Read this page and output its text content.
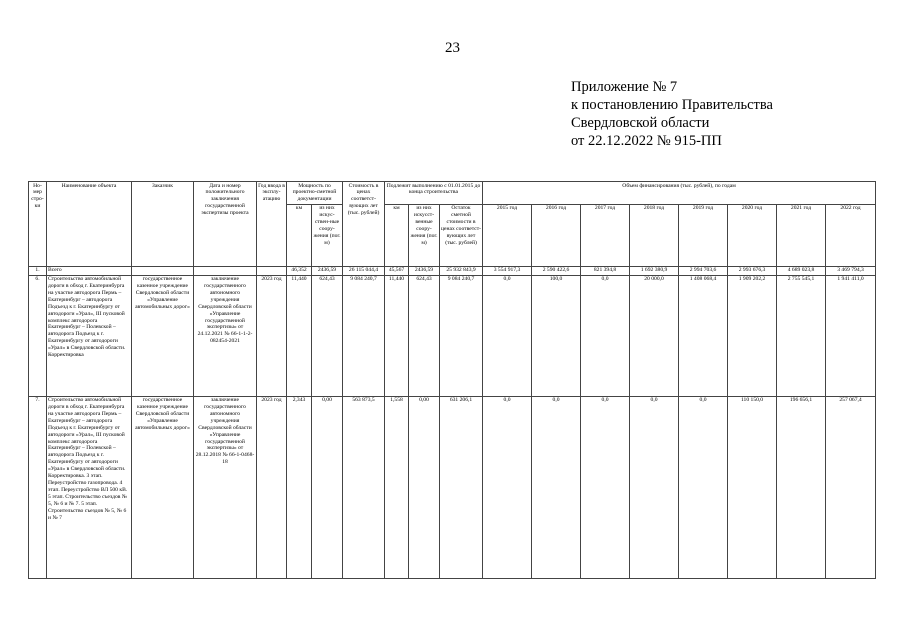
23
Приложение № 7
к постановлению Правительства
Свердловской области
от 22.12.2022 № 915-ПП
Но-мер стро-ки	Наименование объекта	Заказчик	Дата и номер положительного заключения государственной экспертизы проекта	Год ввода в эксплу-атацию	Мощность по проектно-сметной документации		Стоимость в ценах соответст-вующих лет (тыс. рублей)	Подлежит выполнению с 01.01.2015 до конца строительства			Объем финансирования (тыс. рублей), по годам							
					км	из них искус-ствен-ные соору-жения (пог. м)		км	из них искусст-венные соору-жения (пог. м)	Остаток сметной стоимости в ценах соответст-вующих лет (тыс. рублей)	2015 год	2016 год	2017 год	2018 год	2019 год	2020 год	2021 год	2022 год
1.	Всего				46,352	2436,59	26 115 044,4	45,567	2436,59	25 932 843,9	3 554 917,3	2 590 422,6	821 394,8	1 692 380,9	2 994 703,6	2 993 676,3	4 689 023,8	3 469 794,3
6.	Строительство автомобильной дороги в обход г. Екатеринбурга на участке автодорога Пермь – Екатеринбург – автодорога Подъезд к г. Екатеринбургу от автодороги «Урал», III пусковой комплекс автодорога Екатеринбург – Полевской – автодорога Подъезд к г. Екатеринбургу от автодороги «Урал» в Свердловской области. Корректировка	государственное казенное учреждение Свердловской области «Управление автомобильных дорог»	заключение государственного автономного учреждения Свердловской области «Управление государственной экспертизы» от 24.12.2021 № 66-1-1-2-082454-2021	2023 год	11,440	624,43	9 084 240,7	11,440	624,43	9 084 240,7	0,0	100,0	0,0	20 000,0	1 408 068,4	1 909 202,2	2 755 545,1	1 941 411,0
7.	Строительство автомобильной дороги в обход г. Екатеринбурга на участке автодорога Пермь – Екатеринбург – автодорога Подъезд к г. Екатеринбургу от автодороги «Урал», III пусковой комплекс автодорога Екатеринбург – Полевской – автодорога Подъезд к г. Екатеринбургу от автодороги «Урал» в Свердловской области. Корректировка. 3 этап. Переустройство газопровода. 4 этап. Переустройство ВЛ 500 кВ. 5 этап. Строительство съездов № 5, № 6 и № 7. 5 этап. Строительство съездов № 5, № 6 и № 7	государственное казенное учреждение Свердловской области «Управление автомобильных дорог»	заключение государственного автономного учреждения Свердловской области «Управление государственной экспертизы» от 28.12.2018 № 66-1-0468-18	2023 год	2,343	0,00	563 873,5	1,558	0,00	631 206,1	0,0	0,0	0,0	0,0	0,0	110 150,0	196 656,1	257 067,4
